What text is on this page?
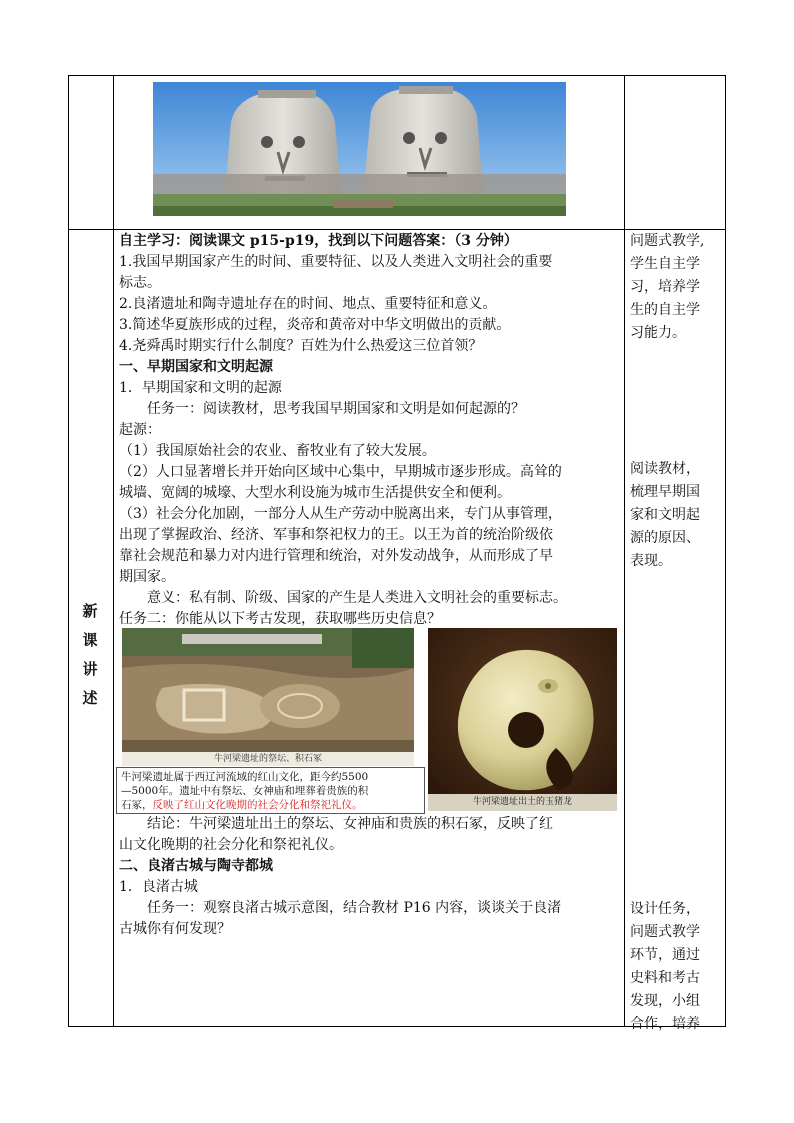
新
课
讲
述
自主学习：阅读课文 p15-p19，找到以下问题答案：（3 分钟）
1.我国早期国家产生的时间、重要特征、以及人类进入文明社会的重要
标志。
2.良渚遗址和陶寺遗址存在的时间、地点、重要特征和意义。
3.简述华夏族形成的过程，炎帝和黄帝对中华文明做出的贡献。
4.尧舜禹时期实行什么制度？百姓为什么热爱这三位首领？
一、早期国家和文明起源
1．早期国家和文明的起源
任务一：阅读教材，思考我国早期国家和文明是如何起源的？
起源：
（1）我国原始社会的农业、畜牧业有了较大发展。
（2）人口显著增长并开始向区域中心集中，早期城市逐步形成。高耸的
城墙、宽阔的城壕、大型水利设施为城市生活提供安全和便利。
（3）社会分化加剧，一部分人从生产劳动中脱离出来，专门从事管理，
出现了掌握政治、经济、军事和祭祀权力的王。以王为首的统治阶级依
靠社会规范和暴力对内进行管理和统治，对外发动战争，从而形成了早
期国家。
意义：私有制、阶级、国家的产生是人类进入文明社会的重要标志。
任务二：你能从以下考古发现，获取哪些历史信息？
牛河梁遗址的祭坛、积石冢
牛河梁遗址出土的玉猪龙
牛河梁遗址属于西辽河流域的红山文化，距今约5500
—5000年。遗址中有祭坛、女神庙和埋葬着贵族的积
石冢，反映了红山文化晚期的社会分化和祭祀礼仪。
结论：牛河梁遗址出土的祭坛、女神庙和贵族的积石冢，反映了红
山文化晚期的社会分化和祭祀礼仪。
二、良渚古城与陶寺都城
1．良渚古城
任务一：观察良渚古城示意图，结合教材 P16 内容，谈谈关于良渚
古城你有何发现？
问题式教学,
学生自主学
习，培养学
生的自主学
习能力。
阅读教材，
梳理早期国
家和文明起
源的原因、
表现。
设计任务，
问题式教学
环节，通过
史料和考古
发现，小组
合作，培养
